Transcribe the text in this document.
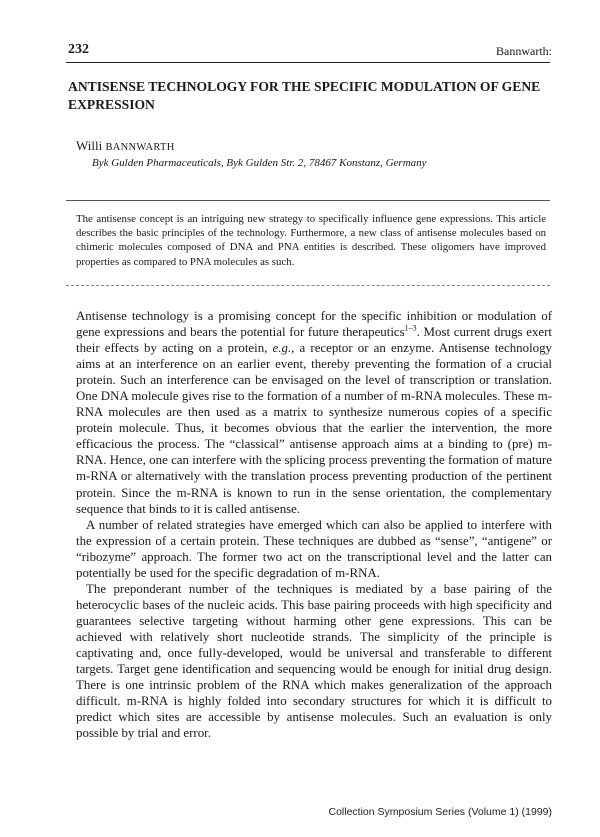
232	Bannwarth:
ANTISENSE TECHNOLOGY FOR THE SPECIFIC MODULATION OF GENE EXPRESSION
Willi BANNWARTH
Byk Gulden Pharmaceuticals, Byk Gulden Str. 2, 78467 Konstanz, Germany
The antisense concept is an intriguing new strategy to specifically influence gene expressions. This article describes the basic principles of the technology. Furthermore, a new class of antisense molecules based on chimeric molecules composed of DNA and PNA entities is described. These oligomers have improved properties as compared to PNA molecules as such.

Antisense technology is a promising concept for the specific inhibition or modulation of gene expressions and bears the potential for future therapeutics$^{1-3}$. Most current drugs exert their effects by acting on a protein, e.g., a receptor or an enzyme. Antisense technology aims at an interference on an earlier event, thereby preventing the formation of a crucial protein. Such an interference can be envisaged on the level of transcription or translation. One DNA molecule gives rise to the formation of a number of m-RNA molecules. These m-RNA molecules are then used as a matrix to synthesize numerous copies of a specific protein molecule. Thus, it becomes obvious that the earlier the intervention, the more efficacious the process. The “classical” antisense approach aims at a binding to (pre) m-RNA. Hence, one can interfere with the splicing process preventing the formation of mature m-RNA or alternatively with the translation process preventing production of the pertinent protein. Since the m-RNA is known to run in the sense orientation, the complementary sequence that binds to it is called antisense.

A number of related strategies have emerged which can also be applied to interfere with the expression of a certain protein. These techniques are dubbed as “sense”, “antigene” or “ribozyme” approach. The former two act on the transcriptional level and the latter can potentially be used for the specific degradation of m-RNA.

The preponderant number of the techniques is mediated by a base pairing of the heterocyclic bases of the nucleic acids. This base pairing proceeds with high specificity and guarantees selective targeting without harming other gene expressions. This can be achieved with relatively short nucleotide strands. The simplicity of the principle is captivating and, once fully-developed, would be universal and transferable to different targets. Target gene identification and sequencing would be enough for initial drug design. There is one intrinsic problem of the RNA which makes generalization of the approach difficult. m-RNA is highly folded into secondary structures for which it is difficult to predict which sites are accessible by antisense molecules. Such an evaluation is only possible by trial and error.

Collection Symposium Series (Volume 1) (1999)
